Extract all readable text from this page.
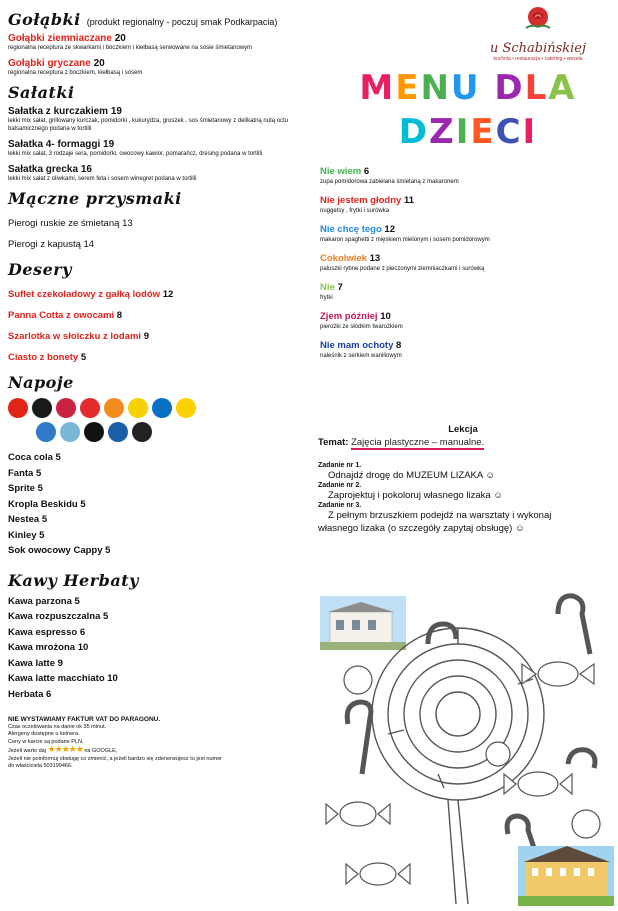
Gołąbki (produkt regionalny - poczuj smak Podkarpacia)
Gołąbki ziemniaczane 20
regionalna receptura ze skwarkami i boczkiem i kiełbasą serwowane na sosie śmietanowym
Gołąbki gryczane 20
regionalna receptura z boczkiem, kiełbasą i sosem
Sałatki
Sałatka z kurczakiem 19
lekki mix sałat, grillowany kurczak, pomidorki , kukurydza, groszek , sos śmietanowy z delikatną nutą octu balsamicznego podana w tortilli
Sałatka 4- formaggi 19
lekki mix sałat, 3 rodzaje sera, pomidorki, owocowy kawior, pomarańcz, dresing podana w tortilli
Sałatka grecka 16
lekki mix sałat z oliwkami, serem feta i sosem winegret podana w tortilli
Mączne przysmaki
Pierogi ruskie ze śmietaną 13
Pierogi z kapustą 14
Desery
Suflet czekoladowy z gałką lodów 12
Panna Cotta z owocami 8
Szarlotka w słoiczku z lodami 9
Ciasto z bonety 5
Napoje
Coca cola 5
Fanta 5
Sprite 5
Kropla Beskidu 5
Nestea 5
Kinley 5
Sok owocowy Cappy 5
Kawy Herbaty
Kawa parzona 5
Kawa rozpuszczalna 5
Kawa espresso 6
Kawa mrożona 10
Kawa latte 9
Kawa latte macchiato 10
Herbata 6
NIE WYSTAWIAMY FAKTUR VAT DO PARAGONU.
Czas oczekiwania na danie ok 35 minut.
Alergeny dostępne u kelnera.
Ceny w karcie są podane PLN.
Jeżeli warto daj ★★★★★ na GOOGLE,
Jeżeli nie poinformuj obsługę co zmienić, a jeżeli bardzo się zdenerwujesz tu jest numer
do właściciela 503199466.
u Schabińskiej
kuchnia • restauracja • catering • wesela
MENU DLA
DZIECI
Nie wiem 6
zupa pomidorowa zabielana śmietaną z makaronem
Nie jestem głodny 11
nuggetsy , frytki i surówka
Nie chcę tego 12
makaron spaghetti z mięskiem mielonym i sosem pomidorowym
Cokolwiek 13
paluszki rybne podane z pieczonymi ziemniaczkami i surówką
Nie 7
frytki
Zjem później 10
pierożki ze słodkim twarożkiem
Nie mam ochoty 8
naleśnik z serkiem waniliowym
Lekcja
Temat: Zajęcia plastyczne – manualne.
Zadanie nr 1.
Odnajdź drogę do MUZEUM LIZAKA ☺
Zadanie nr 2.
Zaprojektuj i pokoloruj własnego lizaka ☺
Zadanie nr 3.
Z pełnym brzuszkiem podejdź na warsztaty i wykonaj
własnego lizaka (o szczegóły zapytaj obsługę) ☺
